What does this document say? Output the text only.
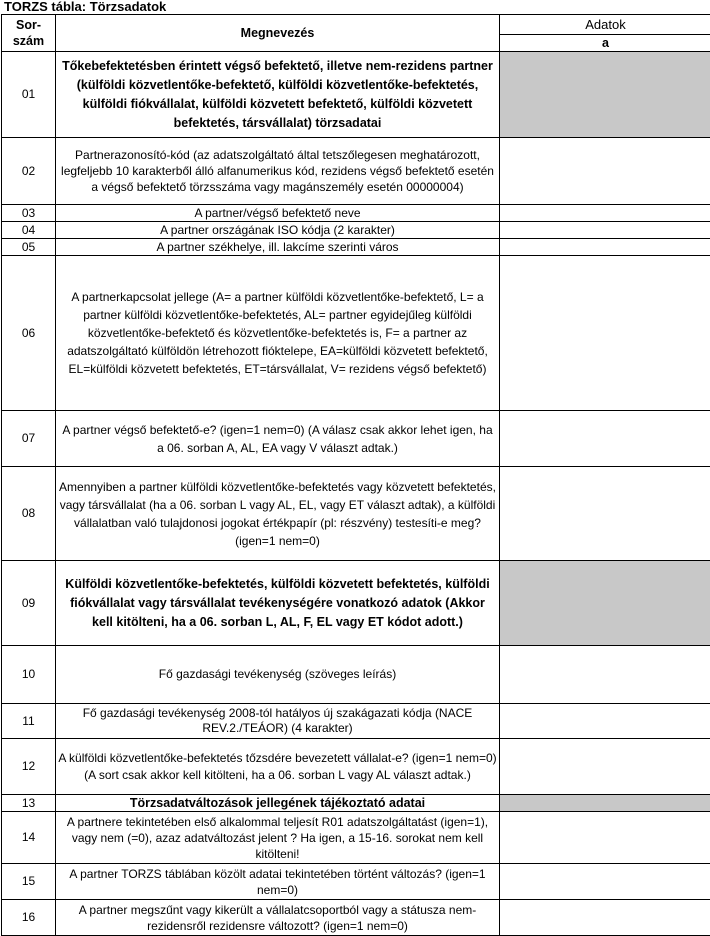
TORZS tábla: Törzsadatok
Sor-
szám	Megnevezés	Adatok
		a
01	Tőkebefektetésben érintett végső befektető, illetve nem-rezidens partner (külföldi közvetlentőke-befektető, külföldi közvetlentőke-befektetés, külföldi fiókvállalat, külföldi közvetett befektető, külföldi közvetett befektetés, társvállalat) törzsadatai	
02	Partnerazonosító-kód (az adatszolgáltató által tetszőlegesen meghatározott, legfeljebb 10 karakterből álló alfanumerikus kód, rezidens végső befektető esetén a végső befektető törzsszáma vagy magánszemély esetén 00000004)	
03	A partner/végső befektető neve	
04	A partner országának ISO kódja (2 karakter)	
05	A partner székhelye, ill. lakcíme szerinti város	
06	A partnerkapcsolat jellege (A= a partner külföldi közvetlentőke-befektető, L= a partner külföldi közvetlentőke-befektetés, AL= partner egyidejűleg külföldi közvetlentőke-befektető és közvetlentőke-befektetés is, F= a partner az adatszolgáltató külföldön létrehozott fióktelepe, EA=külföldi közvetett befektető, EL=külföldi közvetett befektetés, ET=társvállalat, V= rezidens végső befektető)	
07	A partner végső befektető-e? (igen=1 nem=0) (A válasz csak akkor lehet igen, ha a 06. sorban A, AL, EA vagy V választ adtak.)	
08	Amennyiben a partner külföldi közvetlentőke-befektetés vagy közvetett befektetés, vagy társvállalat (ha a 06. sorban L vagy AL, EL, vagy ET választ adtak), a külföldi vállalatban való tulajdonosi jogokat értékpapír (pl: részvény) testesíti-e meg? (igen=1 nem=0)	
09	Külföldi közvetlentőke-befektetés, külföldi közvetett befektetés, külföldi fiókvállalat vagy társvállalat tevékenységére vonatkozó adatok (Akkor kell kitölteni, ha a 06. sorban L, AL, F, EL vagy ET kódot adott.)	
10	Fő gazdasági tevékenység (szöveges leírás)	
11	Fő gazdasági tevékenység 2008-tól hatályos új szakágazati kódja (NACE REV.2./TEÁOR) (4 karakter)	
12	A külföldi közvetlentőke-befektetés tőzsdére bevezetett vállalat-e? (igen=1 nem=0) (A sort csak akkor kell kitölteni, ha a 06. sorban L vagy AL választ adtak.)	
13	Törzsadatváltozások jellegének tájékoztató adatai	
14	A partnere tekintetében első alkalommal teljesít R01 adatszolgáltatást (igen=1), vagy nem (=0), azaz adatváltozást jelent ? Ha igen, a 15-16. sorokat nem kell kitölteni!	
15	A partner TORZS táblában közölt adatai tekintetében történt változás? (igen=1 nem=0)	
16	A partner megszűnt vagy kikerült a vállalatcsoportból vagy a státusza nem-rezidensről rezidensre változott? (igen=1 nem=0)	
